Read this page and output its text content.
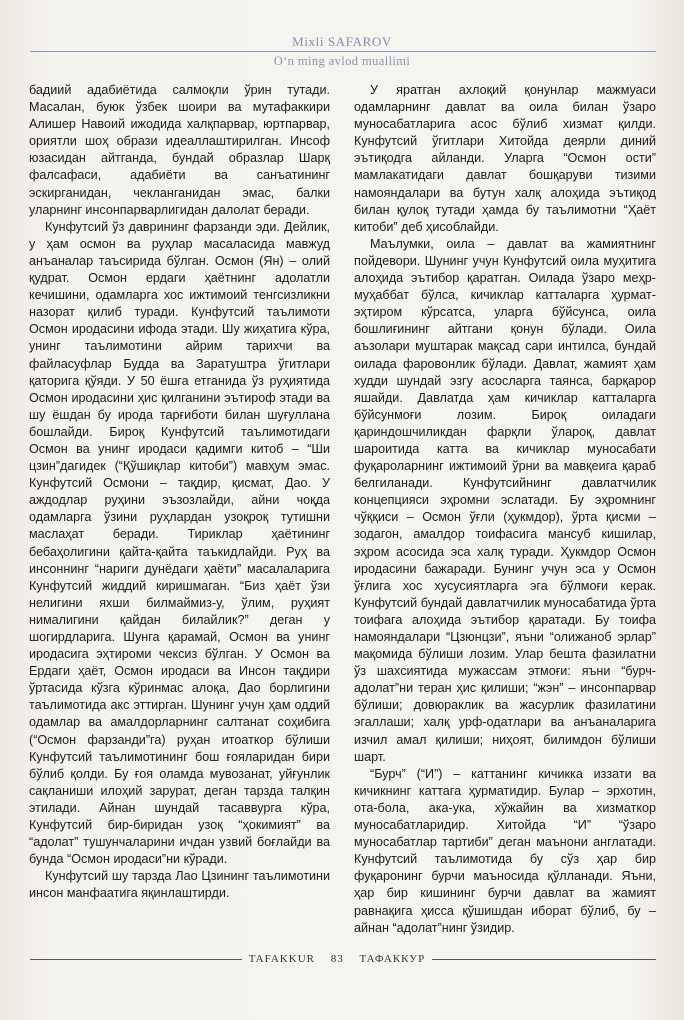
Mixli SAFAROV
O‘n ming avlod muallimi

бадиий адабиётида салмоқли ўрин тутади. Масалан, буюк ўзбек шоири ва мутафаккири Алишер Навоий ижодида халқпарвар, юртпарвар, ориятли шоҳ образи идеаллаштирилган. Инсоф юзасидан айтганда, бундай образлар Шарқ фалсафаси, адабиёти ва санъатининг эскирганидан, чекланганидан эмас, балки уларнинг инсонпарварлигидан далолат беради.

Кунфутсий ўз даврининг фарзанди эди. Дейлик, у ҳам осмон ва руҳлар масаласида мавжуд анъаналар таъсирида бўлган. Осмон (Ян) – олий қудрат. Осмон ердаги ҳаётнинг адолатли кечишини, одамларга хос ижтимоий тенгсизликни назорат қилиб туради. Кунфутсий таълимоти Осмон иродасини ифода этади. Шу жиҳатига кўра, унинг таълимотини айрим тарихчи ва файласуфлар Будда ва Заратуштра ўгитлари қаторига қўяди. У 50 ёшга етганида ўз руҳиятида Осмон иродасини ҳис қилганини эътироф этади ва шу ёшдан бу ирода тарғиботи билан шуғуллана бошлайди. Бироқ Кунфутсий таълимотидаги Осмон ва унинг иродаси қадимги китоб – “Ши цзин”дагидек (“Қўшиқлар китоби”) мавҳум эмас. Кунфутсий Осмони – тақдир, қисмат, Дао. У аждодлар руҳини эъзозлайди, айни чоқда одамларга ўзини руҳлардан узоқроқ тутишни маслаҳат беради. Тириклар ҳаётининг бебаҳолигини қайта-қайта таъкидлайди. Руҳ ва инсоннинг “нариги дунёдаги ҳаёти” масалаларига Кунфутсий жиддий киришмаган. “Биз ҳаёт ўзи нелигини яхши билмаймиз-у, ўлим, руҳият нималигини қайдан билайлик?” деган у шогирдларига. Шунга қарамай, Осмон ва унинг иродасига эҳтироми чексиз бўлган. У Осмон ва Ердаги ҳаёт, Осмон иродаси ва Инсон тақдири ўртасида кўзга кўринмас алоқа, Дао борлигини таълимотида акс эттирган. Шунинг учун ҳам оддий одамлар ва амалдорларнинг салтанат соҳибига (“Осмон фарзанди”га) руҳан итоаткор бўлиши Кунфутсий таълимотининг бош ғояларидан бири бўлиб қолди. Бу ғоя оламда мувозанат, уйғунлик сақланиши илоҳий зарурат, деган тарзда талқин этилади. Айнан шундай тасаввурга кўра, Кунфутсий бир-биридан узоқ “ҳокимият” ва “адолат” тушунчаларини ичдан узвий боғлайди ва бунда “Осмон иродаси”ни кўради.

Кунфутсий шу тарзда Лао Цзининг таълимотини инсон манфаатига яқинлаштирди.

У яратган ахлоқий қонунлар мажмуаси одамларнинг давлат ва оила билан ўзаро муносабатларига асос бўлиб хизмат қилди. Кунфутсий ўгитлари Хитойда деярли диний эътиқодга айланди. Уларга “Осмон ости” мамлакатидаги давлат бошқаруви тизими намояндалари ва бутун халқ алоҳида эътиқод билан қулоқ тутади ҳамда бу таълимотни “Ҳаёт китоби” деб ҳисоблайди.

Маълумки, оила – давлат ва жамиятнинг пойдевори. Шунинг учун Кунфутсий оила муҳитига алоҳида эътибор қаратган. Оилада ўзаро меҳр-муҳаббат бўлса, кичиклар катталарга ҳурмат-эҳтиром кўрсатса, уларга бўйсунса, оила бошлиғининг айтгани қонун бўлади. Оила аъзолари муштарак мақсад сари интилса, бундай оилада фаровонлик бўлади. Давлат, жамият ҳам худди шундай эзгу асосларга таянса, барқарор яшайди. Давлатда ҳам кичиклар катталарга бўйсунмоғи лозим. Бироқ оиладаги қариндошчиликдан фарқли ўлароқ, давлат шароитида катта ва кичиклар муносабати фуқароларнинг ижтимоий ўрни ва мавқеига қараб белгиланади. Кунфутсийнинг давлатчилик концепцияси эҳромни эслатади. Бу эҳромнинг чўққиси – Осмон ўғли (ҳукмдор), ўрта қисми – зодагон, амалдор тоифасига мансуб кишилар, эҳром асосида эса халқ туради. Ҳукмдор Осмон иродасини бажаради. Бунинг учун эса у Осмон ўғлига хос хусусиятларга эга бўлмоғи керак. Кунфутсий бундай давлатчилик муносабатида ўрта тоифага алоҳида эътибор қаратади. Бу тоифа намояндалари “Цзюнцзи”, яъни “олижаноб эрлар” мақомида бўлиши лозим. Улар бешта фазилатни ўз шахсиятида мужассам этмоғи: яъни “бурч-адолат”ни теран ҳис қилиши; “жэн” – инсонпарвар бўлиши; довюраклик ва жасурлик фазилатини эгаллаши; халқ урф-одатлари ва анъаналарига изчил амал қилиши; ниҳоят, билимдон бўлиши шарт.

“Бурч” (“И”) – каттанинг кичикка иззати ва кичикнинг каттага ҳурматидир. Булар – эрхотин, ота-бола, ака-ука, хўжайин ва хизматкор муносабатларидир. Хитойда “И” “ўзаро муносабатлар тартиби” деган маънони англатади. Кунфутсий таълимотида бу сўз ҳар бир фуқаронинг бурчи маъносида қўлланади. Яъни, ҳар бир кишининг бурчи давлат ва жамият равнақига ҳисса қўшишдан иборат бўлиб, бу – айнан “адолат”нинг ўзидир.

TAFAKKUR 83 ТАФАККУР
